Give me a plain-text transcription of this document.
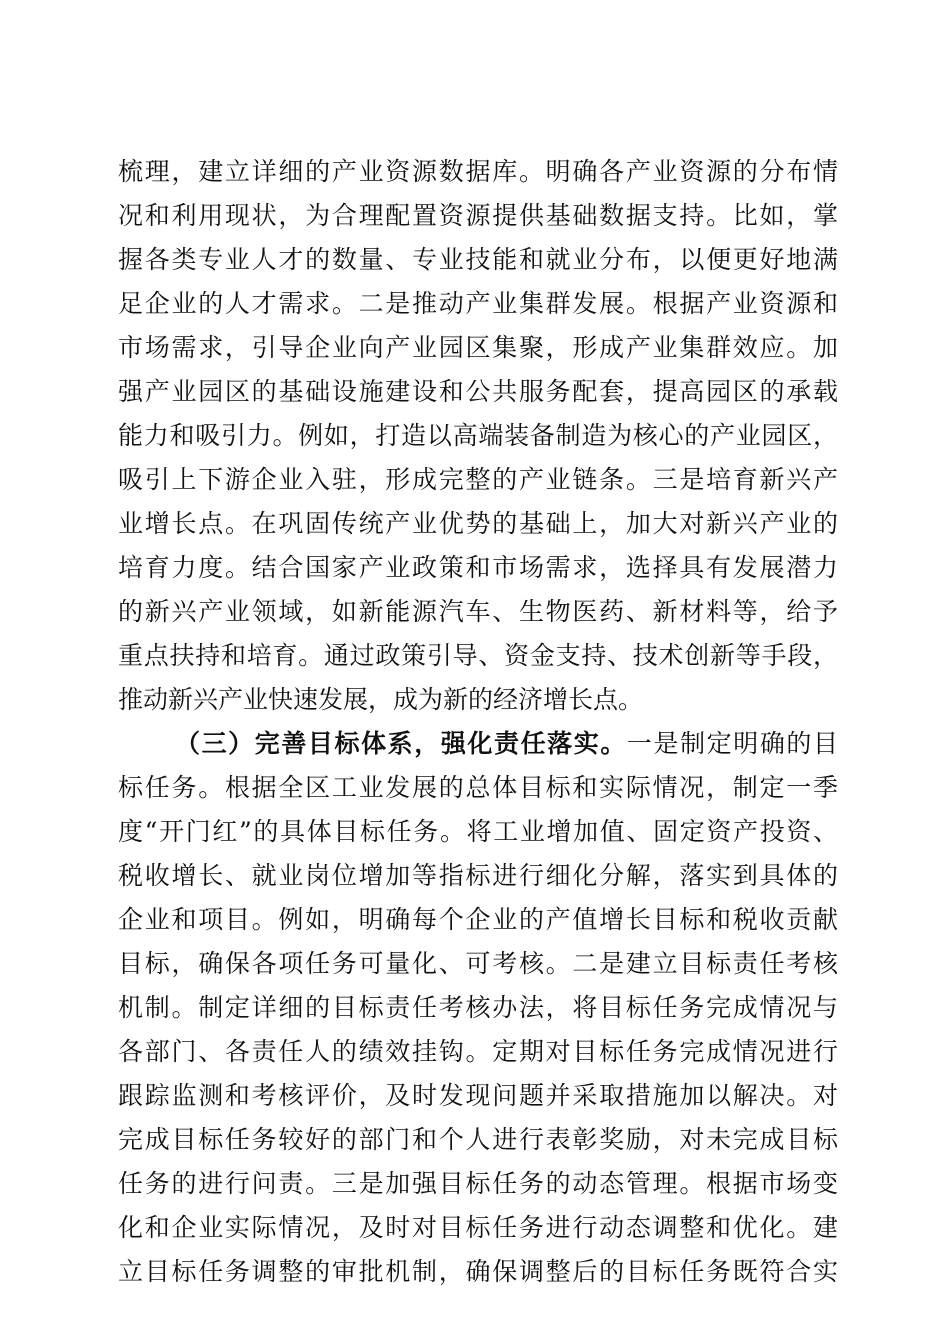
梳理，建立详细的产业资源数据库。明确各产业资源的分布情
况和利用现状，为合理配置资源提供基础数据支持。比如，掌
握各类专业人才的数量、专业技能和就业分布，以便更好地满
足企业的人才需求。二是推动产业集群发展。根据产业资源和
市场需求，引导企业向产业园区集聚，形成产业集群效应。加
强产业园区的基础设施建设和公共服务配套，提高园区的承载
能力和吸引力。例如，打造以高端装备制造为核心的产业园区，
吸引上下游企业入驻，形成完整的产业链条。三是培育新兴产
业增长点。在巩固传统产业优势的基础上，加大对新兴产业的
培育力度。结合国家产业政策和市场需求，选择具有发展潜力
的新兴产业领域，如新能源汽车、生物医药、新材料等，给予
重点扶持和培育。通过政策引导、资金支持、技术创新等手段，
推动新兴产业快速发展，成为新的经济增长点。
（三）完善目标体系，强化责任落实。一是制定明确的目
标任务。根据全区工业发展的总体目标和实际情况，制定一季
度“开门红”的具体目标任务。将工业增加值、固定资产投资、
税收增长、就业岗位增加等指标进行细化分解，落实到具体的
企业和项目。例如，明确每个企业的产值增长目标和税收贡献
目标，确保各项任务可量化、可考核。二是建立目标责任考核
机制。制定详细的目标责任考核办法，将目标任务完成情况与
各部门、各责任人的绩效挂钩。定期对目标任务完成情况进行
跟踪监测和考核评价，及时发现问题并采取措施加以解决。对
完成目标任务较好的部门和个人进行表彰奖励，对未完成目标
任务的进行问责。三是加强目标任务的动态管理。根据市场变
化和企业实际情况，及时对目标任务进行动态调整和优化。建
立目标任务调整的审批机制，确保调整后的目标任务既符合实
